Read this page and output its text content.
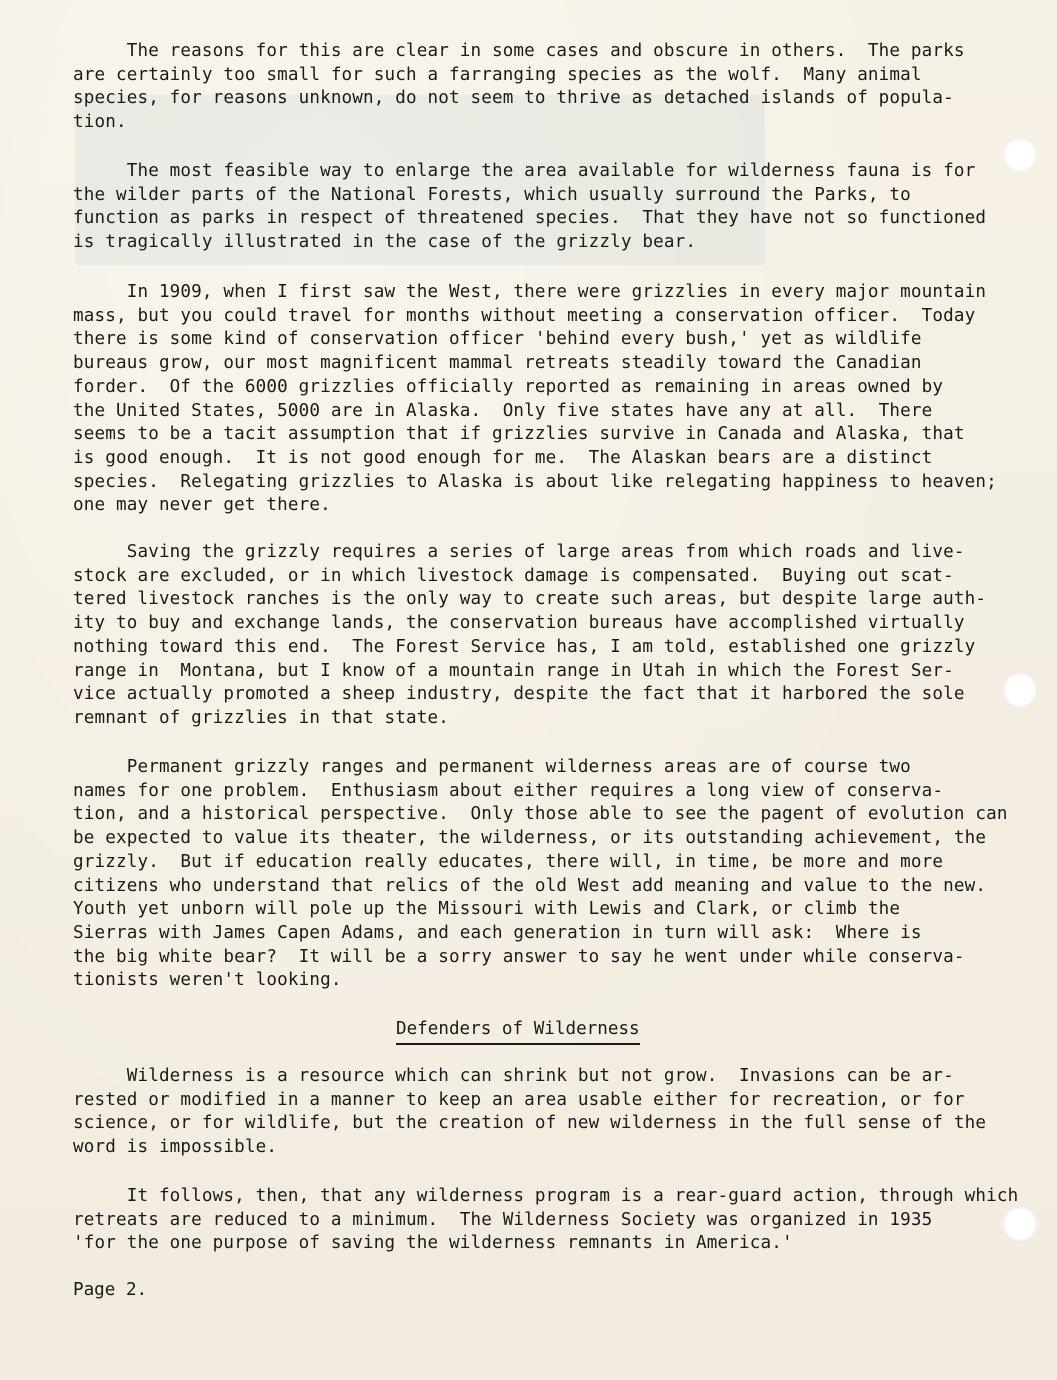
The reasons for this are clear in some cases and obscure in others.  The parks
are certainly too small for such a farranging species as the wolf.  Many animal
species, for reasons unknown, do not seem to thrive as detached islands of popula-
tion.
The most feasible way to enlarge the area available for wilderness fauna is for
the wilder parts of the National Forests, which usually surround the Parks, to
function as parks in respect of threatened species.  That they have not so functioned
is tragically illustrated in the case of the grizzly bear.
In 1909, when I first saw the West, there were grizzlies in every major mountain
mass, but you could travel for months without meeting a conservation officer.  Today
there is some kind of conservation officer 'behind every bush,' yet as wildlife
bureaus grow, our most magnificent mammal retreats steadily toward the Canadian
forder.  Of the 6000 grizzlies officially reported as remaining in areas owned by
the United States, 5000 are in Alaska.  Only five states have any at all.  There
seems to be a tacit assumption that if grizzlies survive in Canada and Alaska, that
is good enough.  It is not good enough for me.  The Alaskan bears are a distinct
species.  Relegating grizzlies to Alaska is about like relegating happiness to heaven;
one may never get there.
Saving the grizzly requires a series of large areas from which roads and live-
stock are excluded, or in which livestock damage is compensated.  Buying out scat-
tered livestock ranches is the only way to create such areas, but despite large auth-
ity to buy and exchange lands, the conservation bureaus have accomplished virtually
nothing toward this end.  The Forest Service has, I am told, established one grizzly
range in  Montana, but I know of a mountain range in Utah in which the Forest Ser-
vice actually promoted a sheep industry, despite the fact that it harbored the sole
remnant of grizzlies in that state.
Permanent grizzly ranges and permanent wilderness areas are of course two
names for one problem.  Enthusiasm about either requires a long view of conserva-
tion, and a historical perspective.  Only those able to see the pagent of evolution can
be expected to value its theater, the wilderness, or its outstanding achievement, the
grizzly.  But if education really educates, there will, in time, be more and more
citizens who understand that relics of the old West add meaning and value to the new.
Youth yet unborn will pole up the Missouri with Lewis and Clark, or climb the
Sierras with James Capen Adams, and each generation in turn will ask:  Where is
the big white bear?  It will be a sorry answer to say he went under while conserva-
tionists weren't looking.
Defenders of Wilderness
Wilderness is a resource which can shrink but not grow.  Invasions can be ar-
rested or modified in a manner to keep an area usable either for recreation, or for
science, or for wildlife, but the creation of new wilderness in the full sense of the
word is impossible.
It follows, then, that any wilderness program is a rear-guard action, through which
retreats are reduced to a minimum.  The Wilderness Society was organized in 1935
'for the one purpose of saving the wilderness remnants in America.'
Page 2.
